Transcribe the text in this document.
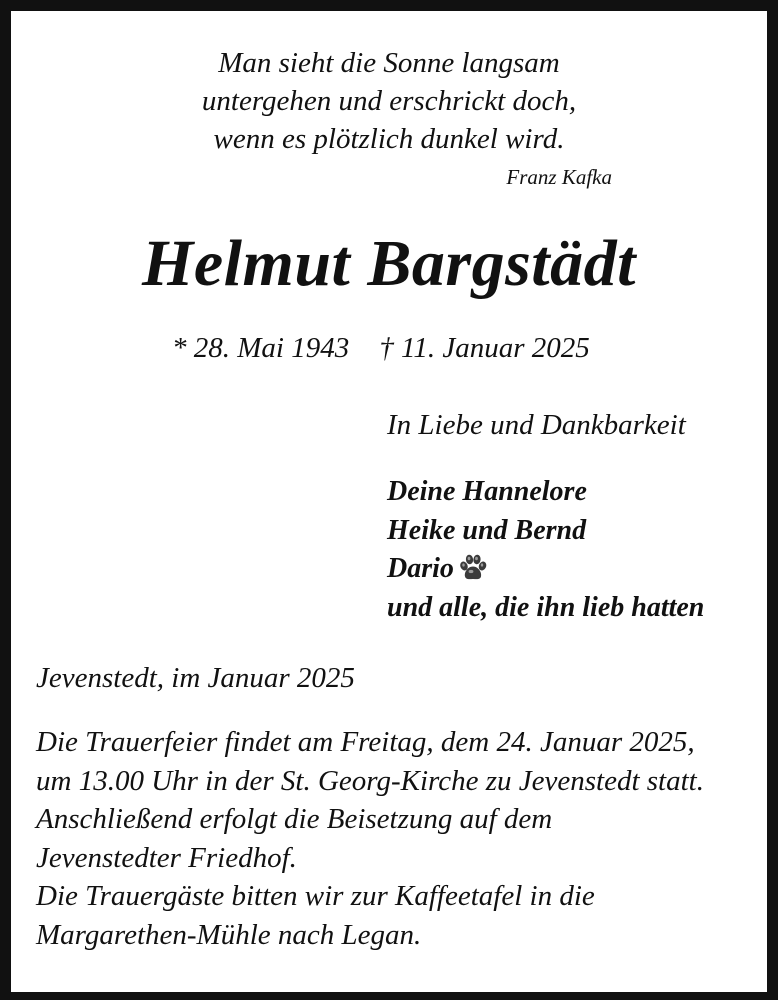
Man sieht die Sonne langsam
untergehen und erschrickt doch,
wenn es plötzlich dunkel wird.
Franz Kafka
Helmut Bargstädt
* 28. Mai 1943 † 11. Januar 2025
In Liebe und Dankbarkeit
Deine Hannelore
Heike und Bernd
Dario
und alle, die ihn lieb hatten
Jevenstedt, im Januar 2025
Die Trauerfeier findet am Freitag, dem 24. Januar 2025,
um 13.00 Uhr in der St. Georg-Kirche zu Jevenstedt statt.
Anschließend erfolgt die Beisetzung auf dem
Jevenstedter Friedhof.
Die Trauergäste bitten wir zur Kaffeetafel in die
Margarethen-Mühle nach Legan.
